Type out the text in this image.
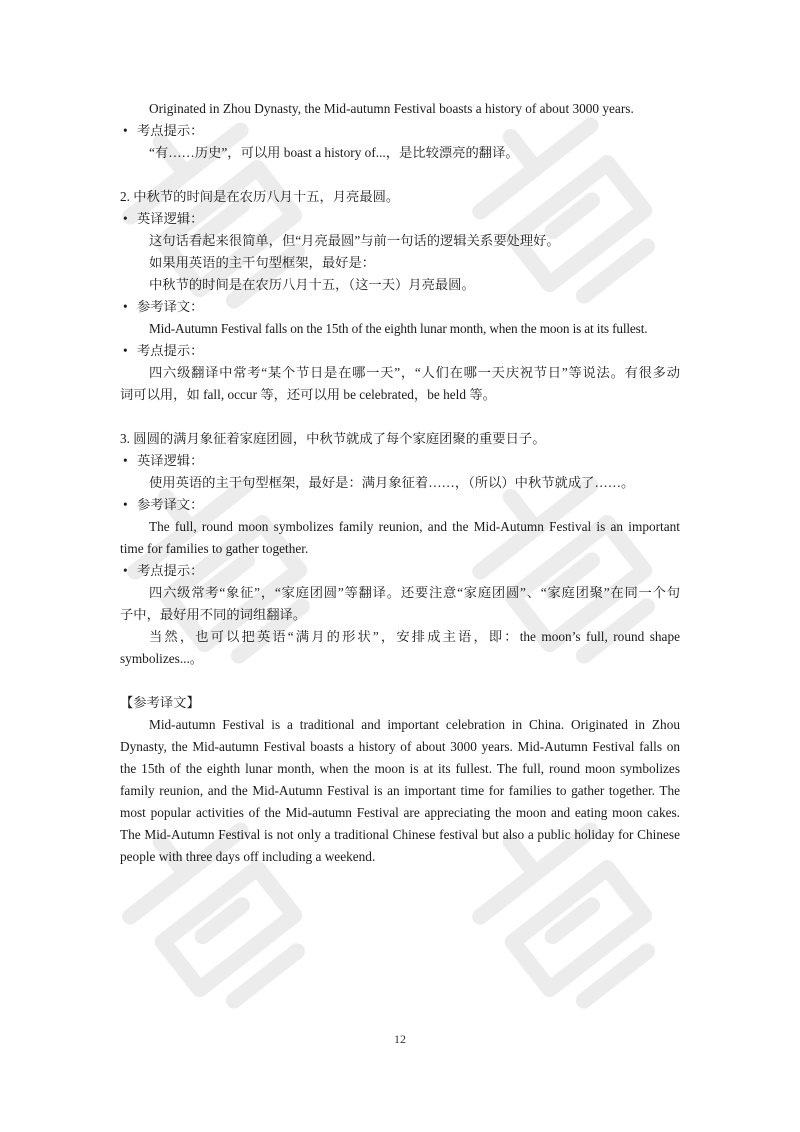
Originated in Zhou Dynasty, the Mid-autumn Festival boasts a history of about 3000 years.
• 考点提示：
“有……历史”，可以用 boast a history of...，是比较漂亮的翻译。
2. 中秋节的时间是在农历八月十五，月亮最圆。
• 英译逻辑：
这句话看起来很简单，但“月亮最圆”与前一句话的逻辑关系要处理好。
如果用英语的主干句型框架，最好是：
中秋节的时间是在农历八月十五，（这一天）月亮最圆。
• 参考译文：
Mid-Autumn Festival falls on the 15th of the eighth lunar month, when the moon is at its fullest.
• 考点提示：
四六级翻译中常考“某个节日是在哪一天”，“人们在哪一天庆祝节日”等说法。有很多动
词可以用，如 fall, occur 等，还可以用 be celebrated，be held 等。
3. 圆圆的满月象征着家庭团圆，中秋节就成了每个家庭团聚的重要日子。
• 英译逻辑：
使用英语的主干句型框架，最好是：满月象征着……，（所以）中秋节就成了……。
• 参考译文：
The full, round moon symbolizes family reunion, and the Mid-Autumn Festival is an important
time for families to gather together.
• 考点提示：
四六级常考“象征”，“家庭团圆”等翻译。还要注意“家庭团圆”、“家庭团聚”在同一个句
子中，最好用不同的词组翻译。
当然，也可以把英语“满月的形状”，安排成主语，即：the moon’s full, round shape
symbolizes...。
【参考译文】
Mid-autumn Festival is a traditional and important celebration in China. Originated in Zhou Dynasty, the Mid-autumn Festival boasts a history of about 3000 years. Mid-Autumn Festival falls on the 15th of the eighth lunar month, when the moon is at its fullest. The full, round moon symbolizes family reunion, and the Mid-Autumn Festival is an important time for families to gather together. The most popular activities of the Mid-autumn Festival are appreciating the moon and eating moon cakes. The Mid-Autumn Festival is not only a traditional Chinese festival but also a public holiday for Chinese people with three days off including a weekend.
12
